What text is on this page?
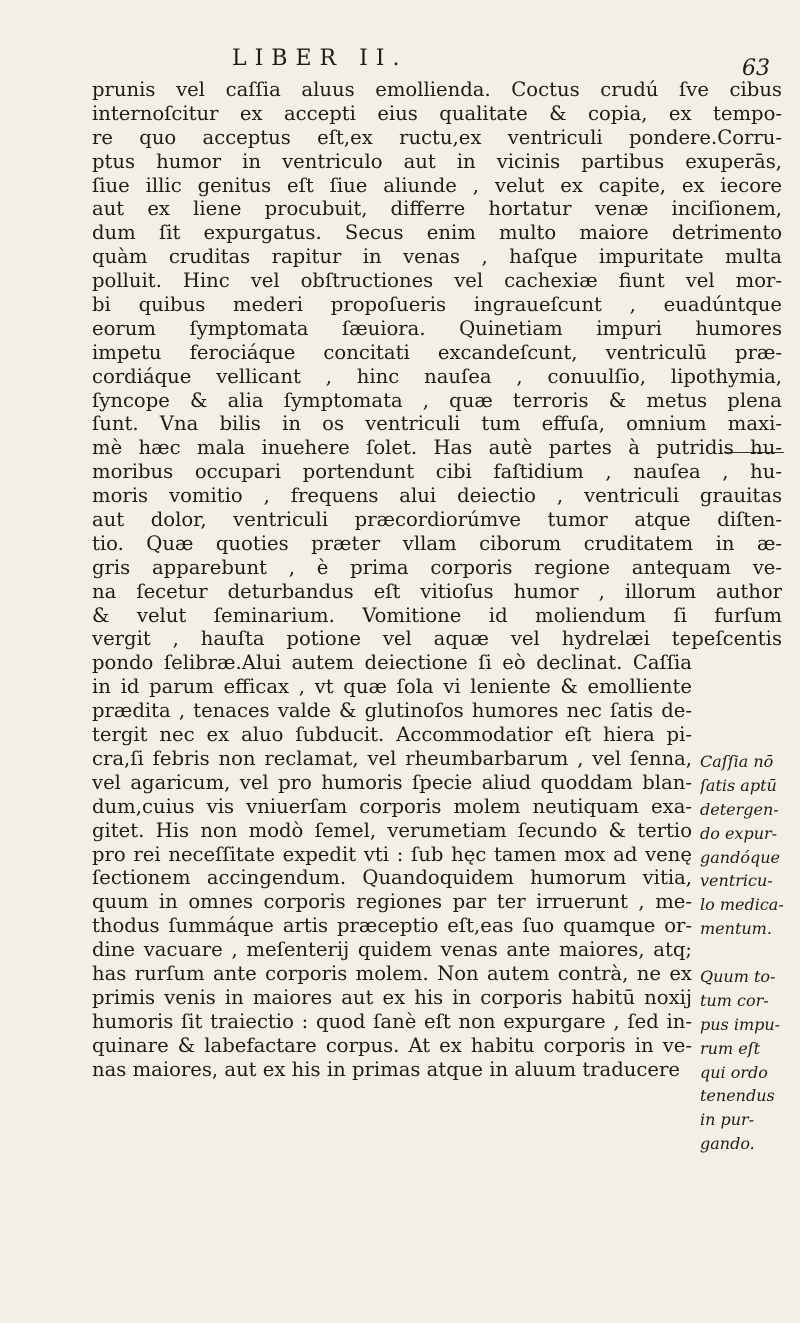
LIBER II.	63
prunis vel caſſia aluus emollienda. Coctus crudú ſve cibus
internoſcitur ex accepti eius qualitate & copia, ex tempo-
re quo acceptus eſt,ex ructu,ex ventriculi pondere.Corru-
ptus humor in ventriculo aut in vicinis partibus exuperās,
ſiue illic genitus eſt ſiue aliunde , velut ex capite, ex iecore
aut ex liene procubuit, differre hortatur venæ inciſionem,
dum ſit expurgatus. Secus enim multo maiore detrimento
quàm cruditas rapitur in venas , haſque impuritate multa
polluit. Hinc vel obſtructiones vel cachexiæ fiunt vel mor-
bi quibus mederi propoſueris ingraueſcunt , euadúntque
eorum ſymptomata ſæuiora. Quinetiam impuri humores
impetu ferociáque concitati excandeſcunt, ventriculū præ-
cordiáque vellicant , hinc nauſea , conuulſio, lipothymia,
ſyncope & alia ſymptomata , quæ terroris & metus plena
ſunt. Vna bilis in os ventriculi tum effuſa, omnium maxi-
mè hæc mala inuehere ſolet. Has autè partes à putridis hu-
moribus occupari portendunt cibi faſtidium , nauſea , hu-
moris vomitio , frequens alui deiectio , ventriculi grauitas
aut dolor, ventriculi præcordiorúmve tumor atque diſten-
tio. Quæ quoties præter vllam ciborum cruditatem in æ-
gris apparebunt , è prima corporis regione antequam ve-
na ſecetur deturbandus eſt vitioſus humor , illorum author
& velut ſeminarium. Vomitione id moliendum ſi furſum
vergit , hauſta potione vel aquæ vel hydrelæi tepeſcentis
pondo ſelibræ.Alui autem deiectione ſi eò declinat. Caſſia
in id parum efficax , vt quæ ſola vi leniente & emolliente
prædita , tenaces valde & glutinoſos humores nec ſatis de-
tergit nec ex aluo ſubducit. Accommodatior eſt hiera pi-
cra,ſi febris non reclamat, vel rheumbarbarum , vel ſenna,
vel agaricum, vel pro humoris ſpecie aliud quoddam blan-
dum,cuius vis vniuerſam corporis molem neutiquam exa-
gitet. His non modò ſemel, verumetiam ſecundo & tertio
pro rei neceſſitate expedit vti : ſub hęc tamen mox ad venę
ſectionem accingendum. Quandoquidem humorum vitia,
quum in omnes corporis regiones par ter irruerunt , me-
thodus ſummáque artis præceptio eſt,eas ſuo quamque or-
dine vacuare , meſenterij quidem venas ante maiores, atq;
has rurſum ante corporis molem. Non autem contrà, ne ex
primis venis in maiores aut ex his in corporis habitū noxij
humoris ſit traiectio : quod ſanè eſt non expurgare , ſed in-
quinare & labefactare corpus. At ex habitu corporis in ve-
nas maiores, aut ex his in primas atque in aluum traducere
Caſſia nō
ſatis aptū
detergen-
do expur-
gandóque
ventricu-
lo medica-
mentum.
Quum to-
tum cor-
pus impu-
rum eſt
qui ordo
tenendus
in pur-
gando.
